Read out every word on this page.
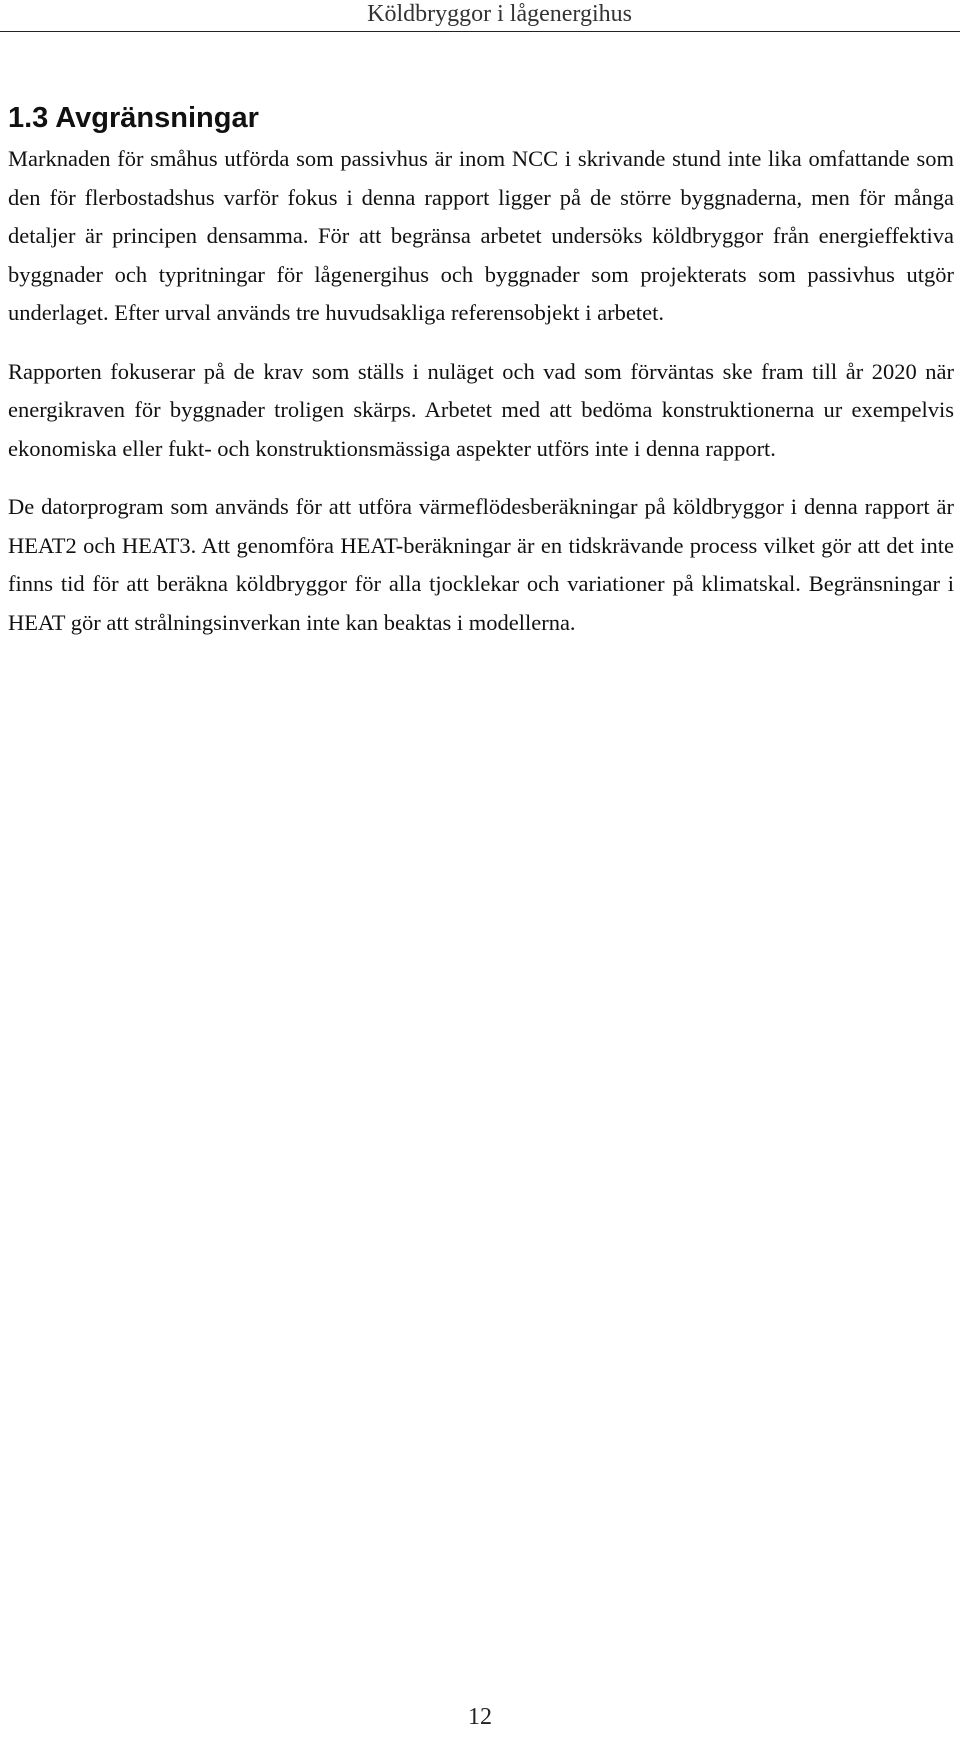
Köldbryggor i lågenergihus
1.3 Avgränsningar

Marknaden för småhus utförda som passivhus är inom NCC i skrivande stund inte lika omfattande som den för flerbostadshus varför fokus i denna rapport ligger på de större byggnaderna, men för många detaljer är principen densamma. För att begränsa arbetet undersöks köldbryggor från energieffektiva byggnader och typritningar för lågenergihus och byggnader som projekterats som passivhus utgör underlaget. Efter urval används tre huvudsakliga referensobjekt i arbetet.

Rapporten fokuserar på de krav som ställs i nuläget och vad som förväntas ske fram till år 2020 när energikraven för byggnader troligen skärps. Arbetet med att bedöma konstruktionerna ur exempelvis ekonomiska eller fukt- och konstruktionsmässiga aspekter utförs inte i denna rapport.

De datorprogram som används för att utföra värmeflödesberäkningar på köldbryggor i denna rapport är HEAT2 och HEAT3. Att genomföra HEAT-beräkningar är en tidskrävande process vilket gör att det inte finns tid för att beräkna köldbryggor för alla tjocklekar och variationer på klimatskal. Begränsningar i HEAT gör att strålningsinverkan inte kan beaktas i modellerna.

12
